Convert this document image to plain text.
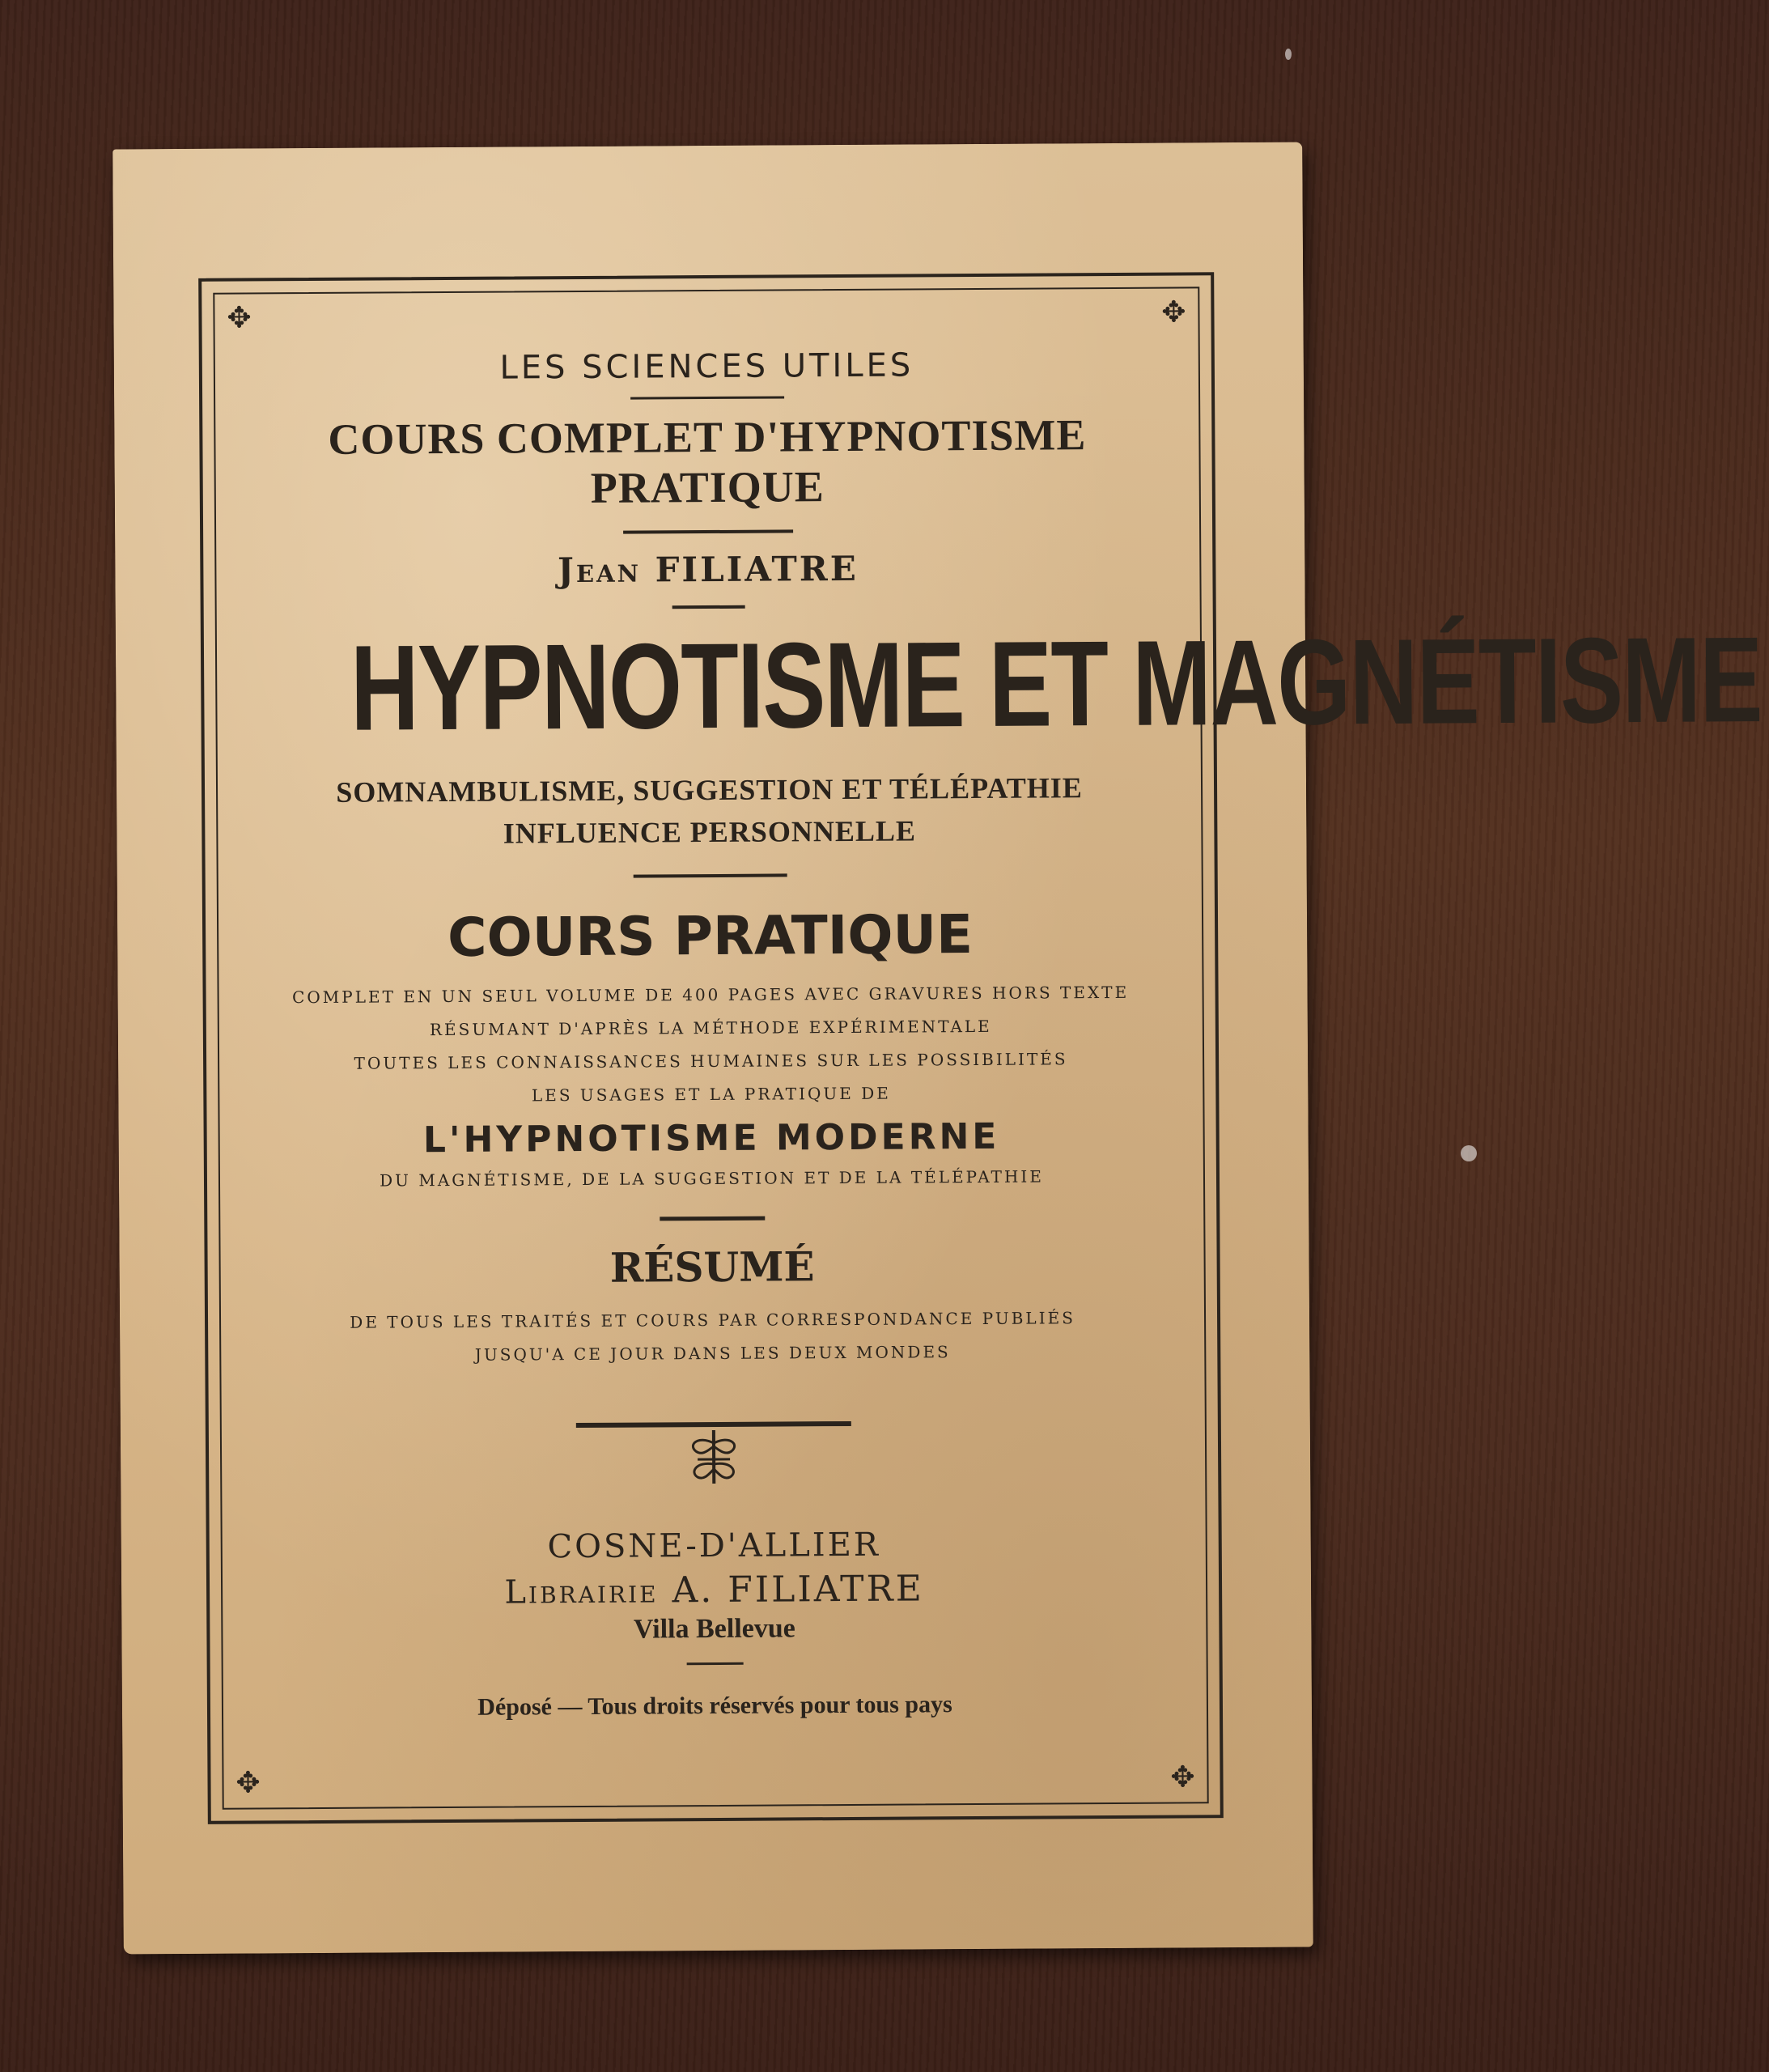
✥	✥
✥	✥
LES SCIENCES UTILES
COURS COMPLET D'HYPNOTISME PRATIQUE
Jean FILIATRE
HYPNOTISME ET MAGNÉTISME
SOMNAMBULISME, SUGGESTION ET TÉLÉPATHIE
INFLUENCE PERSONNELLE
COURS PRATIQUE
COMPLET EN UN SEUL VOLUME DE 400 PAGES AVEC GRAVURES HORS TEXTE
RÉSUMANT D'APRÈS LA MÉTHODE EXPÉRIMENTALE
TOUTES LES CONNAISSANCES HUMAINES SUR LES POSSIBILITÉS
LES USAGES ET LA PRATIQUE DE
L'HYPNOTISME MODERNE
DU MAGNÉTISME, DE LA SUGGESTION ET DE LA TÉLÉPATHIE
RÉSUMÉ
DE TOUS LES TRAITÉS ET COURS PAR CORRESPONDANCE PUBLIÉS
JUSQU'A CE JOUR DANS LES DEUX MONDES
COSNE-D'ALLIER
Librairie A. FILIATRE
Villa Bellevue
Déposé — Tous droits réservés pour tous pays
